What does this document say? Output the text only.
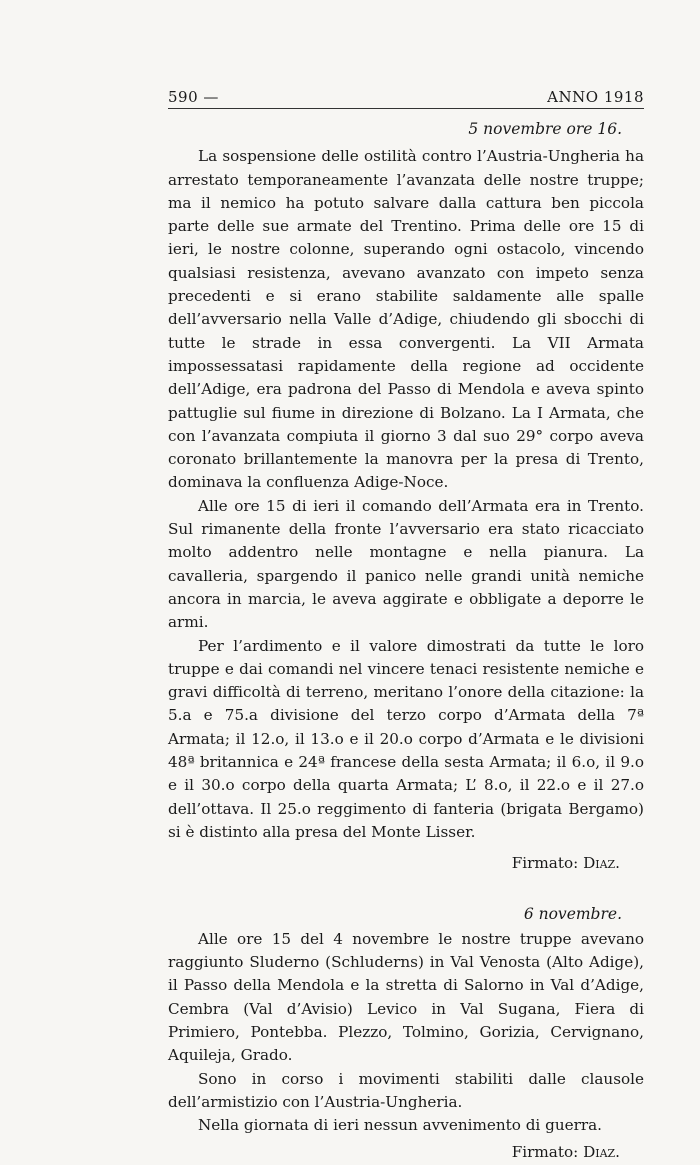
590 —	ANNO 1918
5 novembre ore 16.

La sospensione delle ostilità contro l’Austria-Ungheria ha arrestato temporaneamente l’avanzata delle nostre truppe; ma il nemico ha potuto salvare dalla cattura ben piccola parte delle sue armate del Trentino. Prima delle ore 15 di ieri, le nostre colonne, superando ogni ostacolo, vincendo qualsiasi resistenza, avevano avanzato con impeto senza precedenti e si erano stabilite saldamente alle spalle dell’avversario nella Valle d’Adige, chiudendo gli sbocchi di tutte le strade in essa convergenti. La VII Armata impossessatasi rapidamente della regione ad occidente dell’Adige, era padrona del Passo di Mendola e aveva spinto pattuglie sul fiume in direzione di Bolzano. La I Armata, che con l’avanzata compiuta il giorno 3 dal suo 29° corpo aveva coronato brillantemente la manovra per la presa di Trento, dominava la confluenza Adige-Noce.

Alle ore 15 di ieri il comando dell’Armata era in Trento. Sul rimanente della fronte l’avversario era stato ricacciato molto addentro nelle montagne e nella pianura. La cavalleria, spargendo il panico nelle grandi unità nemiche ancora in marcia, le aveva aggirate e obbligate a deporre le armi.

Per l’ardimento e il valore dimostrati da tutte le loro truppe e dai comandi nel vincere tenaci resistente nemiche e gravi difficoltà di terreno, meritano l’onore della citazione: la 5.a e 75.a divisione del terzo corpo d’Armata della 7ª Armata; il 12.o, il 13.o e il 20.o corpo d’Armata e le divisioni 48ª britannica e 24ª francese della sesta Armata; il 6.o, il 9.o e il 30.o corpo della quarta Armata; L’ 8.o, il 22.o e il 27.o dell’ottava. Il 25.o reggimento di fanteria (brigata Bergamo) si è distinto alla presa del Monte Lisser.

Firmato: Diaz.
6 novembre.

Alle ore 15 del 4 novembre le nostre truppe avevano raggiunto Sluderno (Schluderns) in Val Venosta (Alto Adige), il Passo della Mendola e la stretta di Salorno in Val d’Adige, Cembra (Val d’Avisio) Levico in Val Sugana, Fiera di Primiero, Pontebba. Plezzo, Tolmino, Gorizia, Cervignano, Aquileja, Grado.

Sono in corso i movimenti stabiliti dalle clausole dell’armistizio con l’Austria-Ungheria.

Nella giornata di ieri nessun avvenimento di guerra.

Firmato: Diaz.
